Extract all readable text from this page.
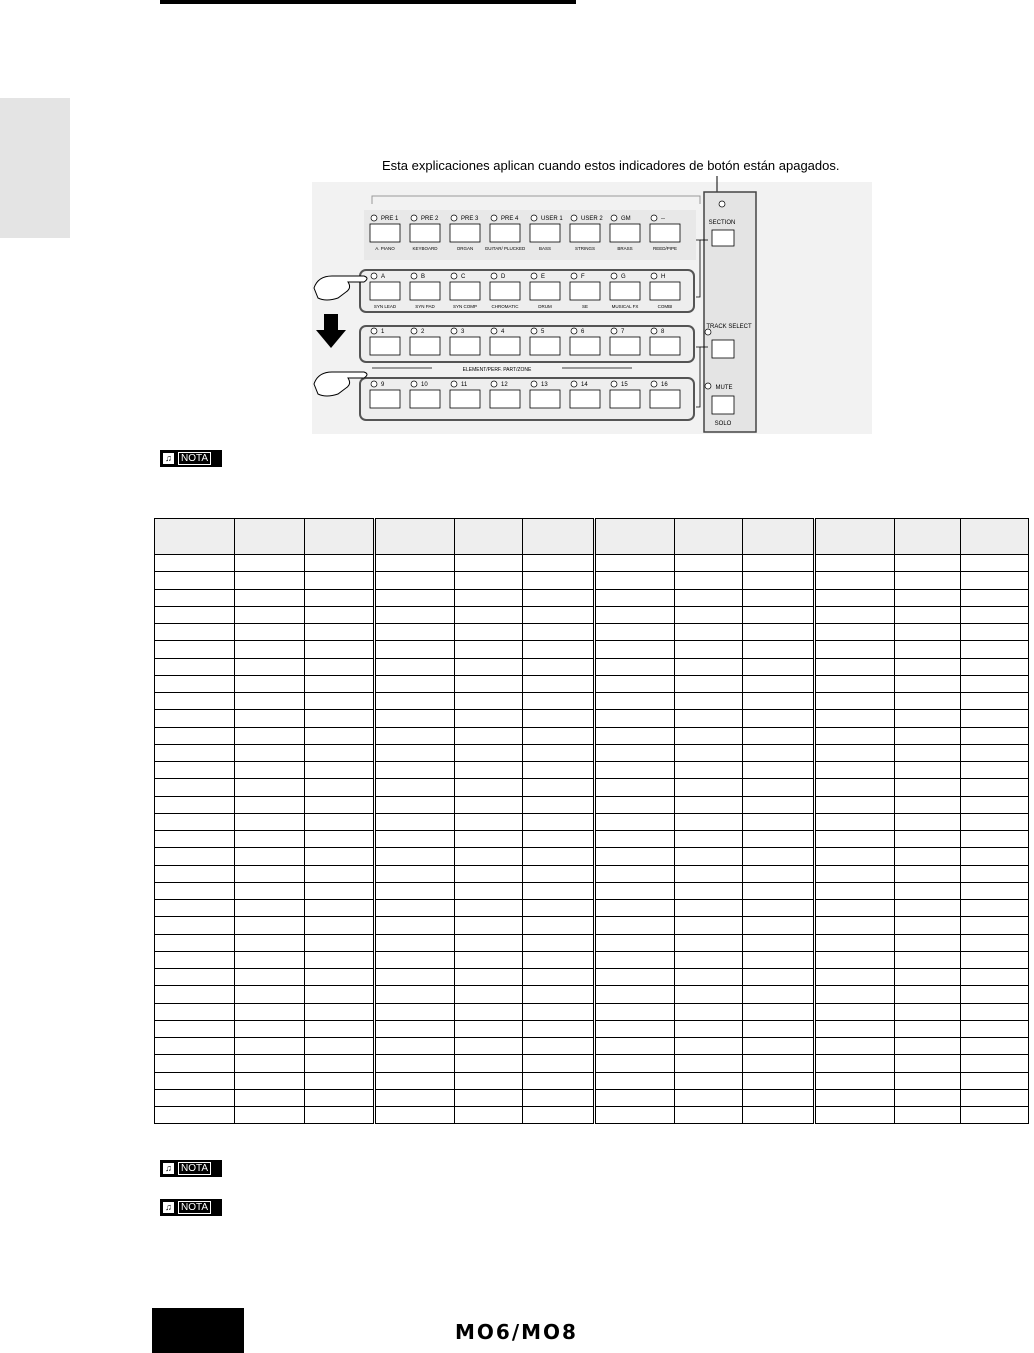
Esta explicaciones aplican cuando estos indicadores de botón están apagados.
PRE 1
A. PIANO
PRE 2
KEYBOARD
PRE 3
ORGAN
PRE 4
GUITAR/ PLUCKED
USER 1
BASS
USER 2
STRINGS
GM
BRASS
--
REED/PIPE
A
SYN LEAD
B
SYN PAD
C
SYN COMP
D
CHROMATIC
E
DRUM
F
SE
G
MUSICAL FX
H
COMBI
1	2	3	4	5	6	7	8
9	10	11	12	13	14	15	16
ELEMENT/PERF. PART/ZONE
SECTION
TRACK SELECT
MUTE
SOLO
♫ NOTA

♫ NOTA
♫ NOTA
MO6/MO8
